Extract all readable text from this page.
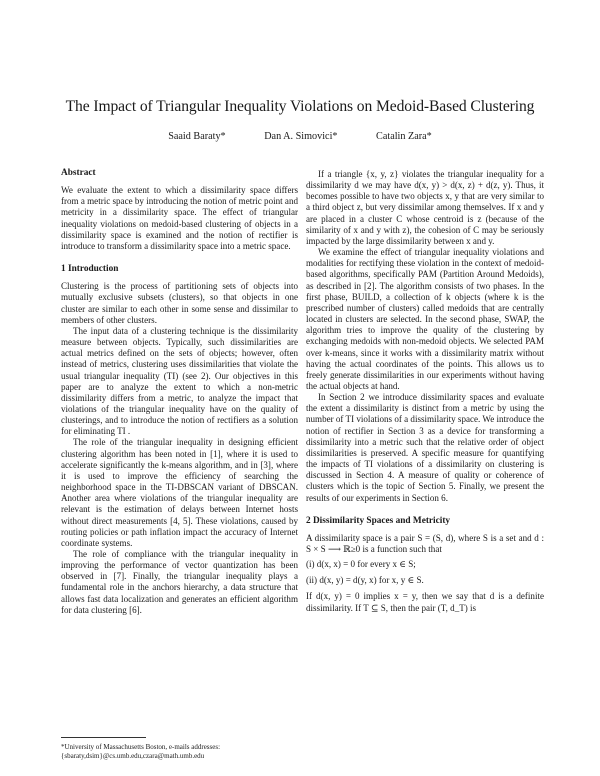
The Impact of Triangular Inequality Violations on Medoid-Based Clustering
Saaid Baraty*	Dan A. Simovici*	Catalin Zara*
Abstract

We evaluate the extent to which a dissimilarity space differs from a metric space by introducing the notion of metric point and metricity in a dissimilarity space. The effect of triangular inequality violations on medoid-based clustering of objects in a dissimilarity space is examined and the notion of rectifier is introduce to transform a dissimilarity space into a metric space.

1 Introduction

Clustering is the process of partitioning sets of objects into mutually exclusive subsets (clusters), so that objects in one cluster are similar to each other in some sense and dissimilar to members of other clusters.

The input data of a clustering technique is the dissimilarity measure between objects. Typically, such dissimilarities are actual metrics defined on the sets of objects; however, often instead of metrics, clustering uses dissimilarities that violate the usual triangular inequality (TI) (see 2). Our objectives in this paper are to analyze the extent to which a non-metric dissimilarity differs from a metric, to analyze the impact that violations of the triangular inequality have on the quality of clusterings, and to introduce the notion of rectifiers as a solution for eliminating TI .

The role of the triangular inequality in designing efficient clustering algorithm has been noted in [1], where it is used to accelerate significantly the k-means algorithm, and in [3], where it is used to improve the efficiency of searching the neighborhood space in the TI-DBSCAN variant of DBSCAN. Another area where violations of the triangular inequality are relevant is the estimation of delays between Internet hosts without direct measurements [4, 5]. These violations, caused by routing policies or path inflation impact the accuracy of Internet coordinate systems.

The role of compliance with the triangular inequality in improving the performance of vector quantization has been observed in [7]. Finally, the triangular inequality plays a fundamental role in the anchors hierarchy, a data structure that allows fast data localization and generates an efficient algorithm for data clustering [6].

*University of Massachusetts Boston, e-mails addresses: {sbaraty,dsim}@cs.umb.edu,czara@math.umb.edu

If a triangle {x, y, z} violates the triangular inequality for a dissimilarity d we may have d(x, y) > d(x, z) + d(z, y). Thus, it becomes possible to have two objects x, y that are very similar to a third object z, but very dissimilar among themselves. If x and y are placed in a cluster C whose centroid is z (because of the similarity of x and y with z), the cohesion of C may be seriously impacted by the large dissimilarity between x and y.

We examine the effect of triangular inequality violations and modalities for rectifying these violation in the context of medoid-based algorithms, specifically PAM (Partition Around Medoids), as described in [2]. The algorithm consists of two phases. In the first phase, BUILD, a collection of k objects (where k is the prescribed number of clusters) called medoids that are centrally located in clusters are selected. In the second phase, SWAP, the algorithm tries to improve the quality of the clustering by exchanging medoids with non-medoid objects. We selected PAM over k-means, since it works with a dissimilarity matrix without having the actual coordinates of the points. This allows us to freely generate dissimilarities in our experiments without having the actual objects at hand.

In Section 2 we introduce dissimilarity spaces and evaluate the extent a dissimilarity is distinct from a metric by using the number of TI violations of a dissimilarity space. We introduce the notion of rectifier in Section 3 as a device for transforming a dissimilarity into a metric such that the relative order of object dissimilarities is preserved. A specific measure for quantifying the impacts of TI violations of a dissimilarity on clustering is discussed in Section 4. A measure of quality or coherence of clusters which is the topic of Section 5. Finally, we present the results of our experiments in Section 6.

2 Dissimilarity Spaces and Metricity

A dissimilarity space is a pair S = (S, d), where S is a set and d : S × S ⟶ ℝ≥0 is a function such that

(i) d(x, x) = 0 for every x ∈ S;
(ii) d(x, y) = d(y, x) for x, y ∈ S.

If d(x, y) = 0 implies x = y, then we say that d is a definite dissimilarity. If T ⊆ S, then the pair (T, d_T) is
